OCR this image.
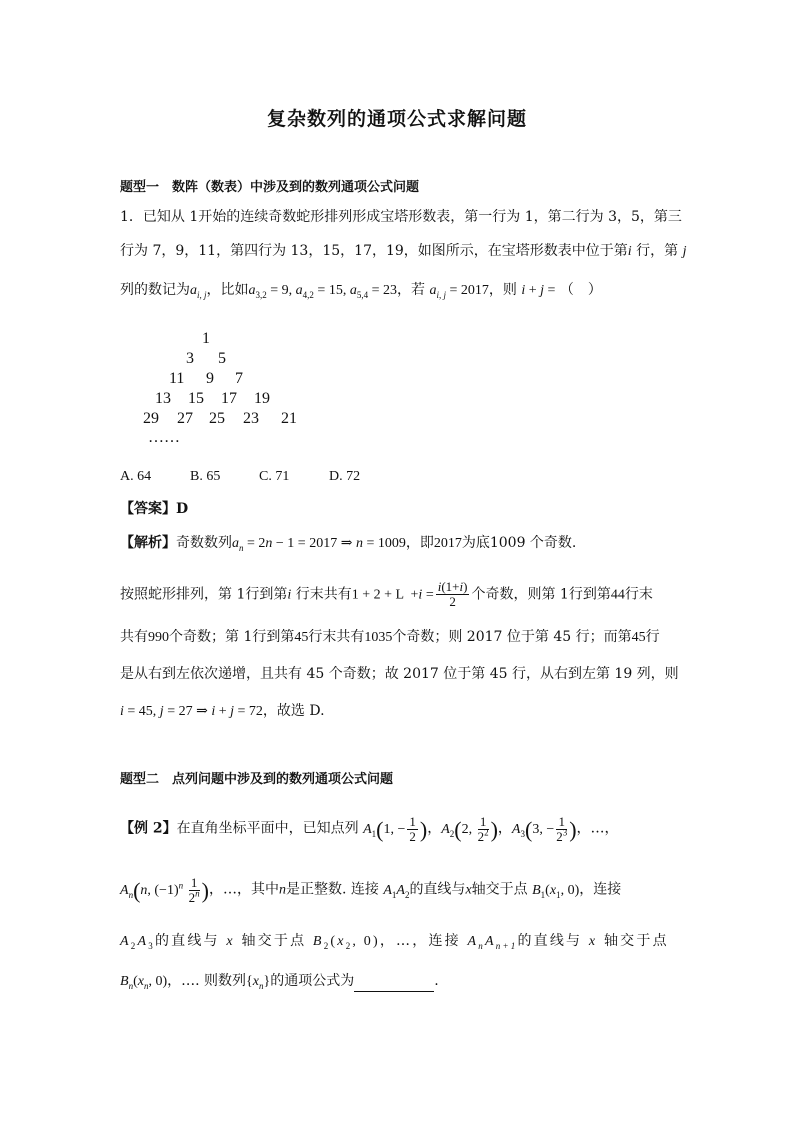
复杂数列的通项公式求解问题
题型一　数阵（数表）中涉及到的数列通项公式问题
1．已知从 1开始的连续奇数蛇形排列形成宝塔形数表，第一行为 1，第二行为 3，5，第三
行为 7，9，11，第四行为 13，15，17，19，如图所示，在宝塔形数表中位于第i 行，第 j
列的数记为$a_{i, j}$，比如$a_{3,2} = 9$, $a_{4,2} = 15$, $a_{5,4} = 23$，若 $a_{i, j} = 2017$，则 i + j = （　）
1
3 5
11 9 7
13 15 17 19
29 27 25 23 21
……
A. 64	B. 65	C. 71	D. 72
【答案】D
【解析】奇数数列$a_n = 2n - 1 = 2017$ ⇒ n = 1009，即2017为底1009 个奇数.
按照蛇形排列，第 1行到第i 行末共有$1 + 2 + L +i = \frac{i(1+i)}{2}$ 个奇数，则第 1行到第44行末
共有990个奇数；第 1行到第45行末共有1035个奇数；则 2017 位于第 45 行；而第45行
是从右到左依次递增，且共有 45 个奇数；故 2017 位于第 45 行，从右到左第 19 列，则
i = 45, j = 27 ⇒ i + j = 72，故选 D.
题型二　点列问题中涉及到的数列通项公式问题
【例 2】在直角坐标平面中，已知点列 $A_1(1$, − $\frac{1}{2}$ )，$A_2(2$, $\frac{1}{2^2}$ )，$A_3(3$, − $\frac{1}{2^3}$ )，…，
$A_n(n$, $(-1)^n \frac{1}{2^n}$ )，…，其中n是正整数. 连接 $A_1A_2$的直线与x轴交于点 $B_1(x_1$, 0)，连接
$A_2A_3$的直线与 x 轴交于点 $B_2(x_2$, 0)，…，连接 $A_nA_{n+1}$的直线与 x 轴交于点
$B_n(x_n$, 0)，…. 则数列$\{x_n\}$的通项公式为	.
